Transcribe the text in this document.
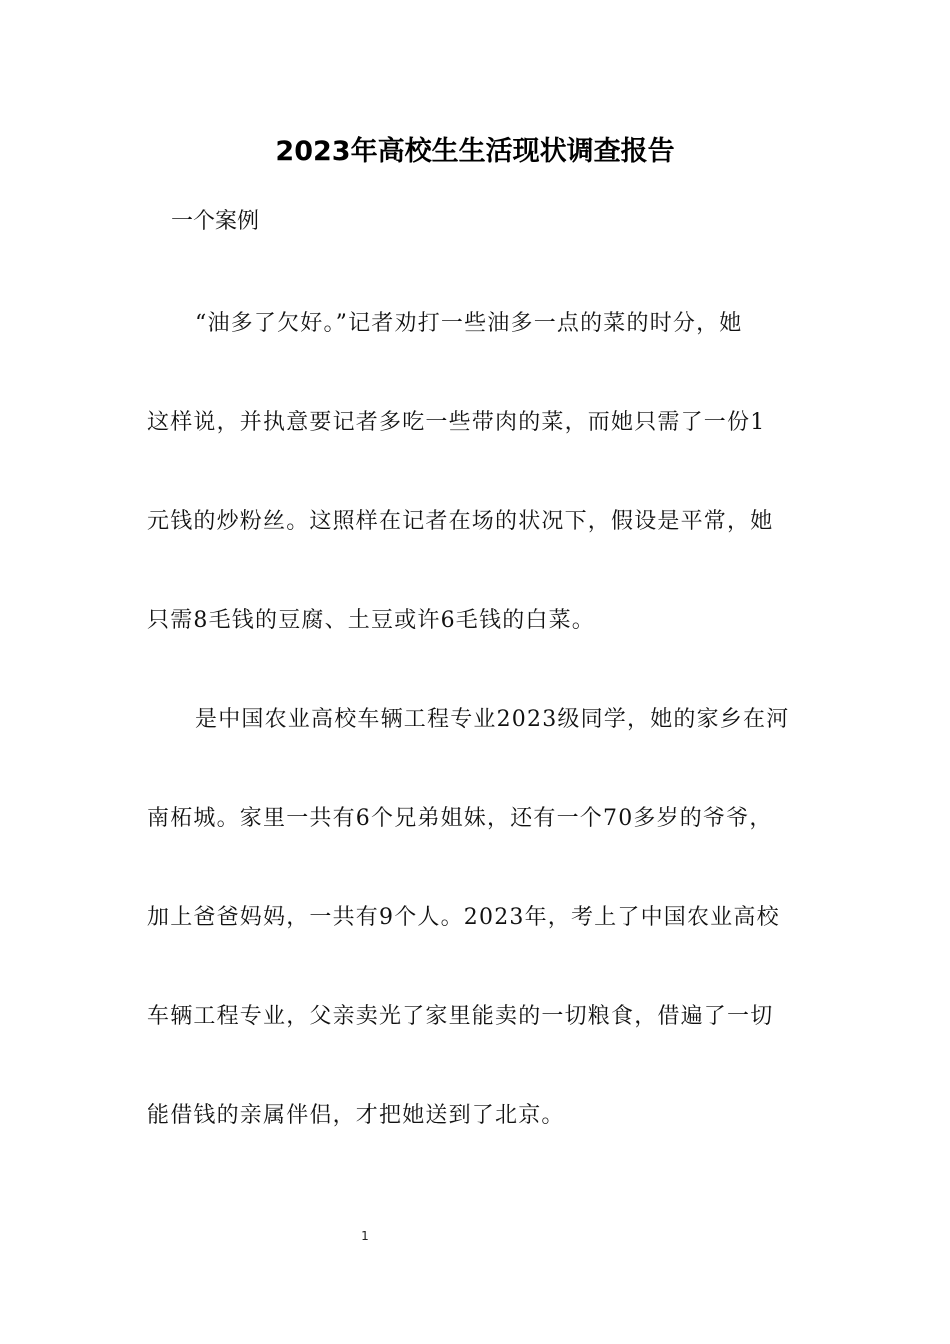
2023年高校生生活现状调查报告
一个案例
“油多了欠好。”记者劝打一些油多一点的菜的时分，她
这样说，并执意要记者多吃一些带肉的菜，而她只需了一份1
元钱的炒粉丝。这照样在记者在场的状况下，假设是平常，她
只需8毛钱的豆腐、土豆或许6毛钱的白菜。
是中国农业高校车辆工程专业2023级同学，她的家乡在河
南柘城。家里一共有6个兄弟姐妹，还有一个70多岁的爷爷，
加上爸爸妈妈，一共有9个人。2023年，考上了中国农业高校
车辆工程专业，父亲卖光了家里能卖的一切粮食，借遍了一切
能借钱的亲属伴侣，才把她送到了北京。
1
